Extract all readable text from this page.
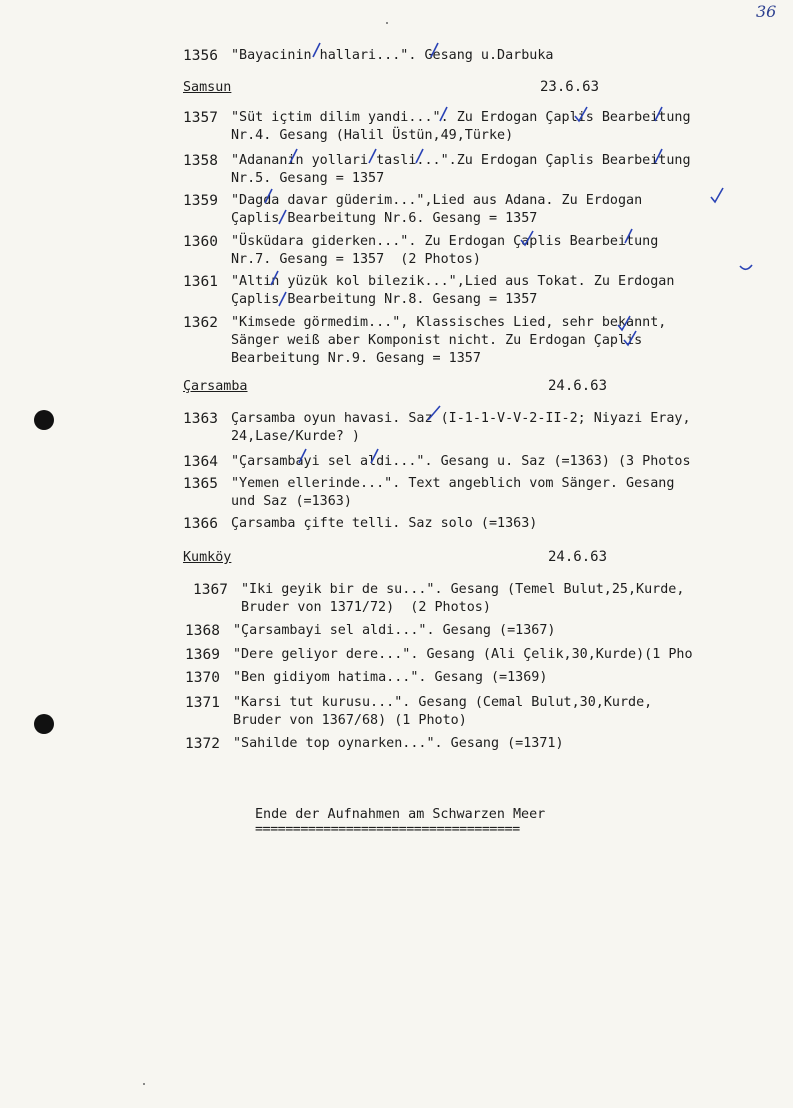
36
1356 "Bayacinin hallari...". Gesang u.Darbuka
Samsun	23.6.63
1357 "Süt içtim dilim yandi...". Zu Erdogan Çaplis Bearbeitung
Nr.4. Gesang (Halil Üstün,49,Türke)
1358 "Adananin yollari tasli...".Zu Erdogan Çaplis Bearbeitung
Nr.5. Gesang = 1357
1359 "Dagda davar güderim...",Lied aus Adana. Zu Erdogan
Çaplis Bearbeitung Nr.6. Gesang = 1357
1360 "Üsküdara giderken...". Zu Erdogan Çaplis Bearbeitung
Nr.7. Gesang = 1357  (2 Photos)
1361 "Altin yüzük kol bilezik...",Lied aus Tokat. Zu Erdogan
Çaplis Bearbeitung Nr.8. Gesang = 1357
1362 "Kimsede görmedim...", Klassisches Lied, sehr bekannt,
Sänger weiß aber Komponist nicht. Zu Erdogan Çaplis
Bearbeitung Nr.9. Gesang = 1357
Çarsamba	24.6.63
1363 Çarsamba oyun havasi. Saz (I-1-1-V-V-2-II-2; Niyazi Eray,
24,Lase/Kurde? )
1364 "Çarsambayi sel aldi...". Gesang u. Saz (=1363) (3 Photos
1365 "Yemen ellerinde...". Text angeblich vom Sänger. Gesang
und Saz (=1363)
1366 Çarsamba çifte telli. Saz solo (=1363)
Kumköy	24.6.63
1367 "Iki geyik bir de su...". Gesang (Temel Bulut,25,Kurde,
Bruder von 1371/72)  (2 Photos)
1368 "Çarsambayi sel aldi...". Gesang (=1367)
1369 "Dere geliyor dere...". Gesang (Ali Çelik,30,Kurde)(1 Pho
1370 "Ben gidiyom hatima...". Gesang (=1369)
1371 "Karsi tut kurusu...". Gesang (Cemal Bulut,30,Kurde,
Bruder von 1367/68) (1 Photo)
1372 "Sahilde top oynarken...". Gesang (=1371)
Ende der Aufnahmen am Schwarzen Meer
===================================
